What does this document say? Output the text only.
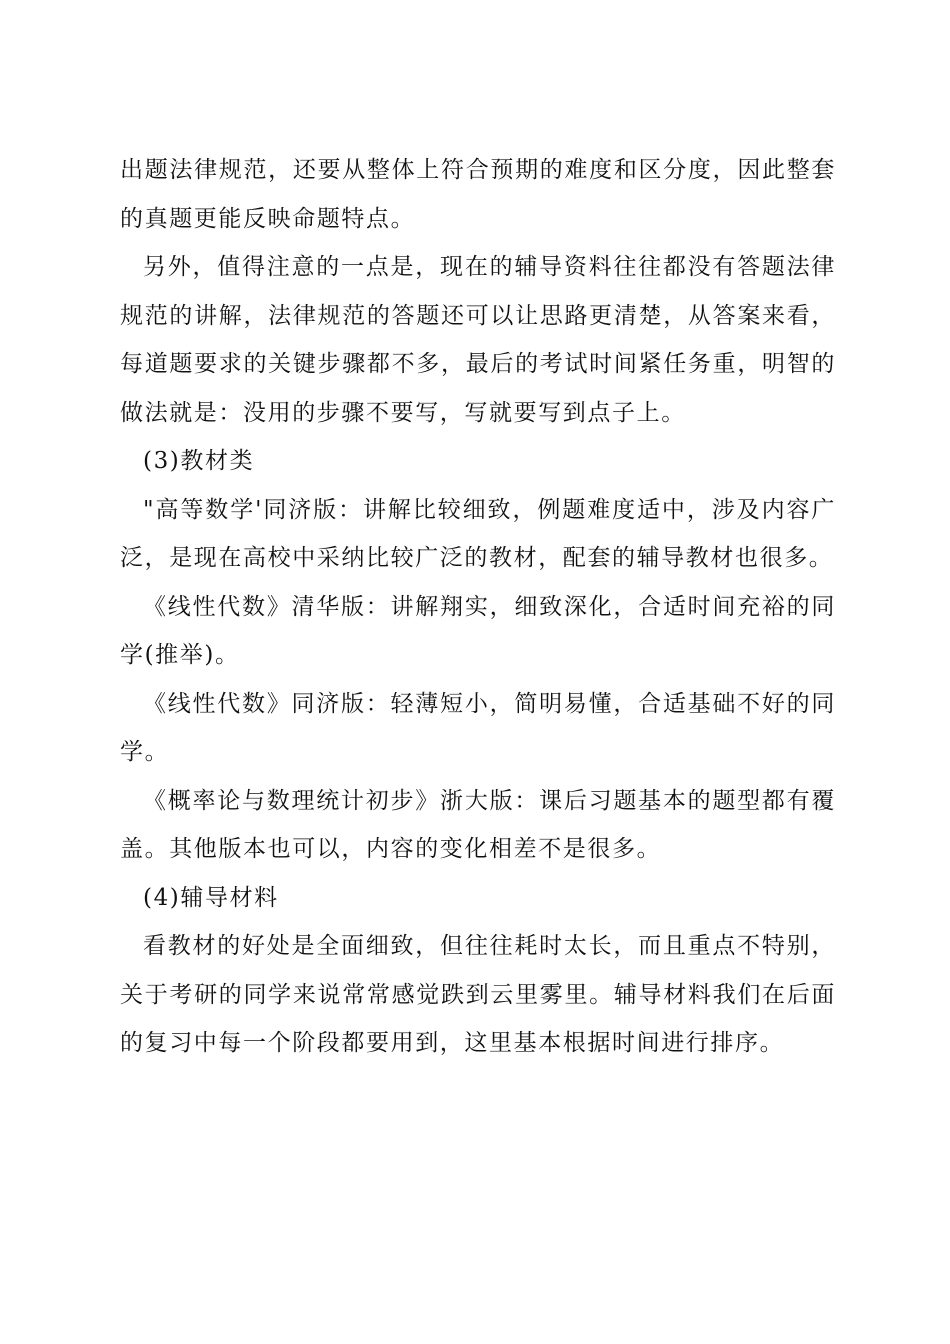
出题法律规范，还要从整体上符合预期的难度和区分度，因此整套的真题更能反映命题特点。

另外，值得注意的一点是，现在的辅导资料往往都没有答题法律规范的讲解，法律规范的答题还可以让思路更清楚，从答案来看，每道题要求的关键步骤都不多，最后的考试时间紧任务重，明智的做法就是：没用的步骤不要写，写就要写到点子上。

(3)教材类

"高等数学'同济版：讲解比较细致，例题难度适中，涉及内容广泛，是现在高校中采纳比较广泛的教材，配套的辅导教材也很多。

《线性代数》清华版：讲解翔实，细致深化，合适时间充裕的同学(推举)。

《线性代数》同济版：轻薄短小，简明易懂，合适基础不好的同学。

《概率论与数理统计初步》浙大版：课后习题基本的题型都有覆盖。其他版本也可以，内容的变化相差不是很多。

(4)辅导材料

看教材的好处是全面细致，但往往耗时太长，而且重点不特别，关于考研的同学来说常常感觉跌到云里雾里。辅导材料我们在后面的复习中每一个阶段都要用到，这里基本根据时间进行排序。
